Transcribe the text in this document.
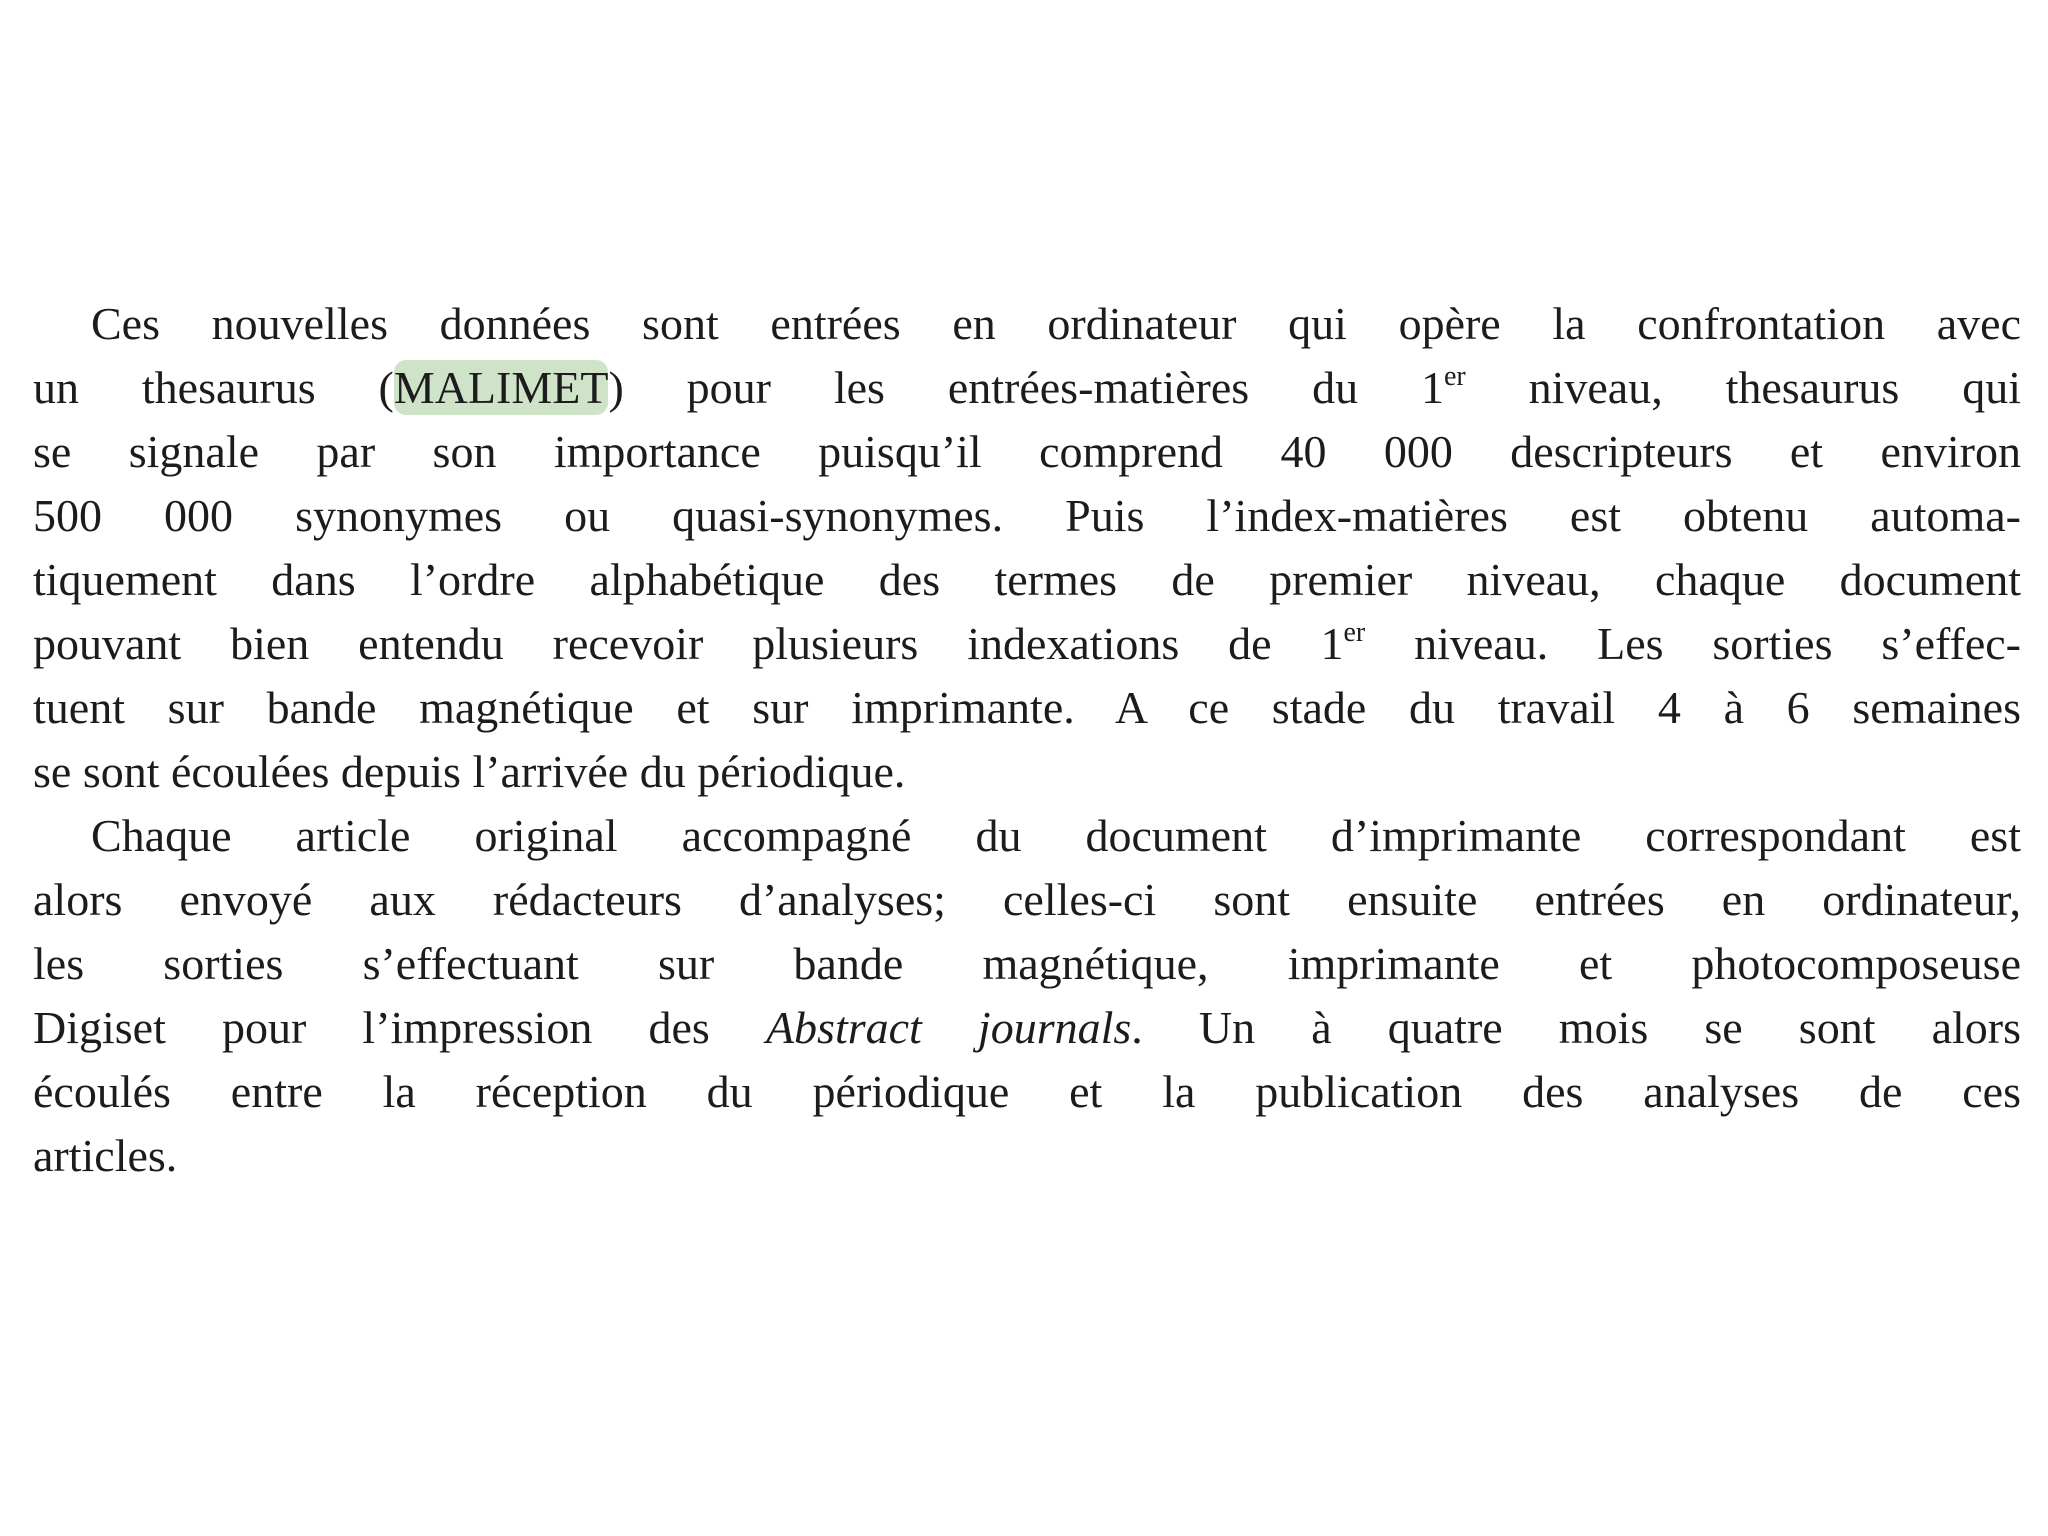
Ces nouvelles données sont entrées en ordinateur qui opère la confrontation avec
un thesaurus (MALIMET) pour les entrées-matières du 1er niveau, thesaurus qui
se signale par son importance puisqu’il comprend 40 000 descripteurs et environ
500 000 synonymes ou quasi-synonymes. Puis l’index-matières est obtenu automa-
tiquement dans l’ordre alphabétique des termes de premier niveau, chaque document
pouvant bien entendu recevoir plusieurs indexations de 1er niveau. Les sorties s’effec-
tuent sur bande magnétique et sur imprimante. A ce stade du travail 4 à 6 semaines
se sont écoulées depuis l’arrivée du périodique.
Chaque article original accompagné du document d’imprimante correspondant est
alors envoyé aux rédacteurs d’analyses; celles-ci sont ensuite entrées en ordinateur,
les sorties s’effectuant sur bande magnétique, imprimante et photocomposeuse
Digiset pour l’impression des Abstract journals. Un à quatre mois se sont alors
écoulés entre la réception du périodique et la publication des analyses de ces
articles.
